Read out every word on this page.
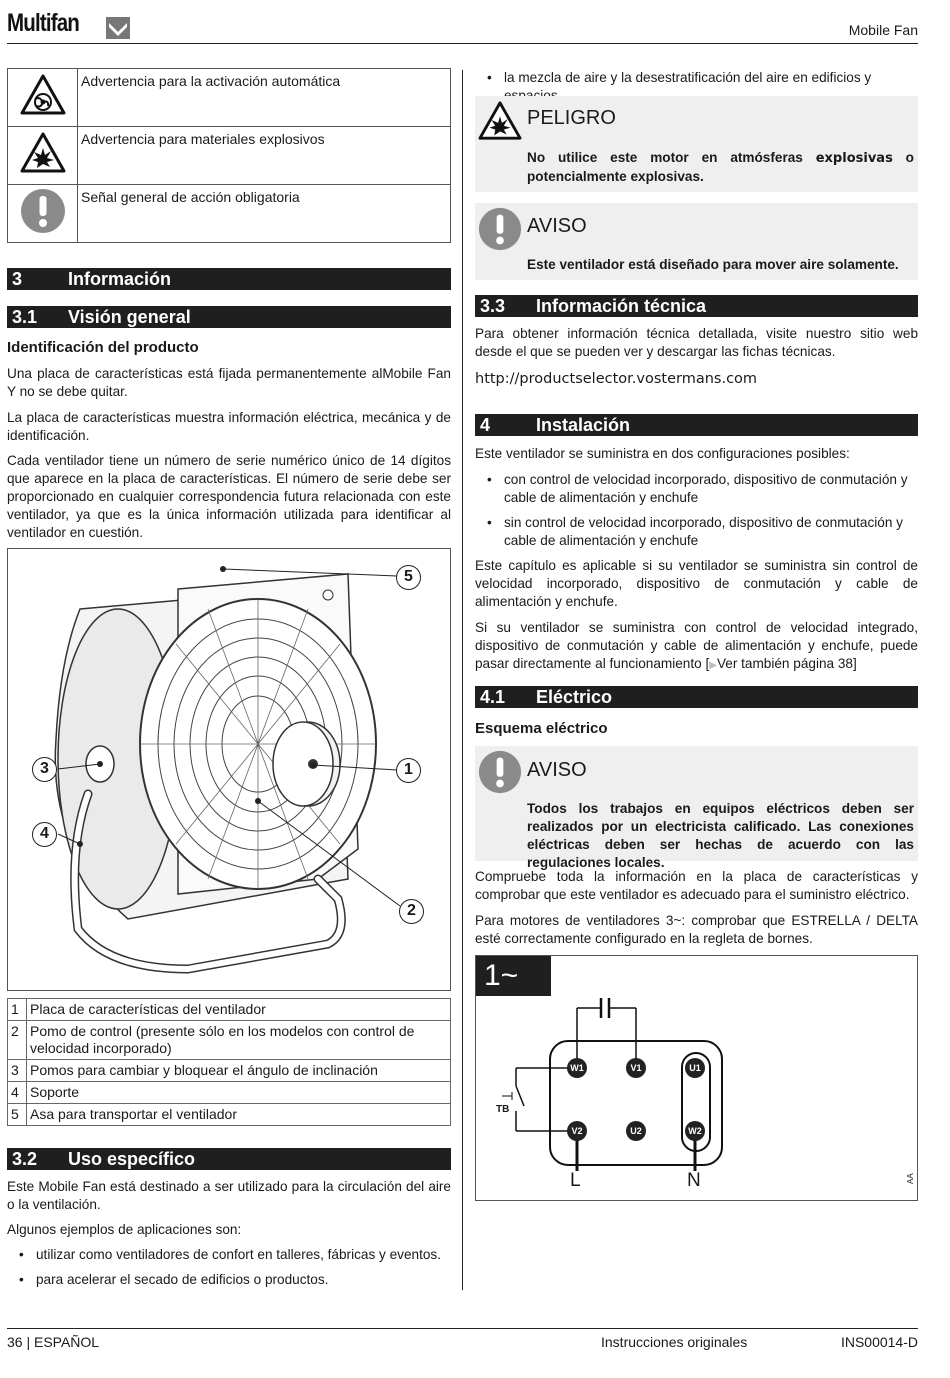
Multifan	Mobile Fan
	Advertencia para la activación automática
	Advertencia para materiales explosivos
	Señal general de acción obligatoria
3	Información
3.1 Visión general
Identificación del producto
Una placa de características está fijada permanentemente alMobile Fan Y no se debe quitar.
La placa de características muestra información eléctrica, mecánica y de identificación.
Cada ventilador tiene un número de serie numérico único de 14 dígitos que aparece en la placa de características. El número de serie debe ser proporcionado en cualquier correspondencia futura relacionada con este ventilador, ya que es la única información utilizada para identificar al ventilador en cuestión.
5
1
2
3
4
1	Placa de características del ventilador
2	Pomo de control (presente sólo en los modelos con control de velocidad incorporado)
3	Pomos para cambiar y bloquear el ángulo de inclinación
4	Soporte
5	Asa para transportar el ventilador
3.2 Uso específico
Este Mobile Fan está destinado a ser utilizado para la circulación del aire o la ventilación.
Algunos ejemplos de aplicaciones son:
• utilizar como ventiladores de confort en talleres, fábricas y eventos.
• para acelerar el secado de edificios o productos.
• la mezcla de aire y la desestratificación del aire en edificios y
PELIGRO
No utilice este motor en atmósferas explosivas o potencialmente explosivas.
AVISO
Este ventilador está diseñado para mover aire solamente.
3.3 Información técnica
Para obtener información técnica detallada, visite nuestro sitio web desde el que se pueden ver y descargar las fichas técnicas.
http://productselector.vostermans.com
4	Instalación
Este ventilador se suministra en dos configuraciones posibles:
• con control de velocidad incorporado, dispositivo de conmutación y cable de alimentación y enchufe
• sin control de velocidad incorporado, dispositivo de conmutación y cable de alimentación y enchufe
Este capítulo es aplicable si su ventilador se suministra sin control de velocidad incorporado, dispositivo de conmutación y cable de alimentación y enchufe.
Si su ventilador se suministra con control de velocidad integrado, dispositivo de conmutación y cable de alimentación y enchufe, puede pasar directamente al funcionamiento [▶Ver también página 38]
4.1 Eléctrico
Esquema eléctrico
AVISO
Todos los trabajos en equipos eléctricos deben ser realizados por un electricista calificado. Las conexiones eléctricas deben ser hechas de acuerdo con las regulaciones locales.
Compruebe toda la información en la placa de características y comprobar que este ventilador es adecuado para el suministro eléctrico.
Para motores de ventiladores 3~: comprobar que ESTRELLA / DELTA esté correctamente configurado en la regleta de bornes.
1~
W1	V1	U1
V2	U2	W2
TB
L	N	AA
36 | ESPAÑOL	Instrucciones originales	INS00014-D
